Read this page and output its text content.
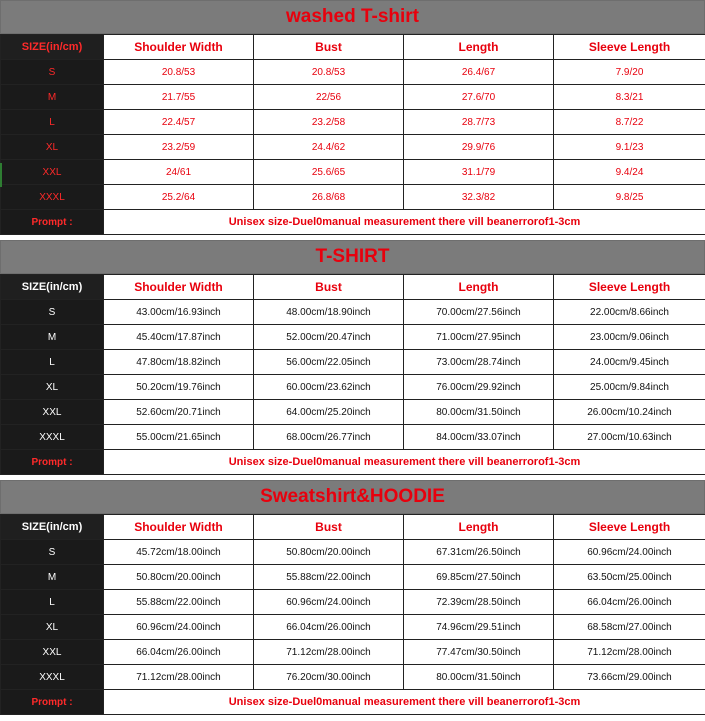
washed T-shirt
SIZE(in/cm)	Shoulder Width	Bust	Length	Sleeve Length
S	20.8/53	20.8/53	26.4/67	7.9/20
M	21.7/55	22/56	27.6/70	8.3/21
L	22.4/57	23.2/58	28.7/73	8.7/22
XL	23.2/59	24.4/62	29.9/76	9.1/23
XXL	24/61	25.6/65	31.1/79	9.4/24
XXXL	25.2/64	26.8/68	32.3/82	9.8/25
Prompt :	Unisex size-Duel0manual measurement there vill beanerrorof1-3cm			
T-SHIRT
SIZE(in/cm)	Shoulder Width	Bust	Length	Sleeve Length
S	43.00cm/16.93inch	48.00cm/18.90inch	70.00cm/27.56inch	22.00cm/8.66inch
M	45.40cm/17.87inch	52.00cm/20.47inch	71.00cm/27.95inch	23.00cm/9.06inch
L	47.80cm/18.82inch	56.00cm/22.05inch	73.00cm/28.74inch	24.00cm/9.45inch
XL	50.20cm/19.76inch	60.00cm/23.62inch	76.00cm/29.92inch	25.00cm/9.84inch
XXL	52.60cm/20.71inch	64.00cm/25.20inch	80.00cm/31.50inch	26.00cm/10.24inch
XXXL	55.00cm/21.65inch	68.00cm/26.77inch	84.00cm/33.07inch	27.00cm/10.63inch
Prompt :	Unisex size-Duel0manual measurement there vill beanerrorof1-3cm			
Sweatshirt&HOODIE
SIZE(in/cm)	Shoulder Width	Bust	Length	Sleeve Length
S	45.72cm/18.00inch	50.80cm/20.00inch	67.31cm/26.50inch	60.96cm/24.00inch
M	50.80cm/20.00inch	55.88cm/22.00inch	69.85cm/27.50inch	63.50cm/25.00inch
L	55.88cm/22.00inch	60.96cm/24.00inch	72.39cm/28.50inch	66.04cm/26.00inch
XL	60.96cm/24.00inch	66.04cm/26.00inch	74.96cm/29.51inch	68.58cm/27.00inch
XXL	66.04cm/26.00inch	71.12cm/28.00inch	77.47cm/30.50inch	71.12cm/28.00inch
XXXL	71.12cm/28.00inch	76.20cm/30.00inch	80.00cm/31.50inch	73.66cm/29.00inch
Prompt :	Unisex size-Duel0manual measurement there vill beanerrorof1-3cm			
